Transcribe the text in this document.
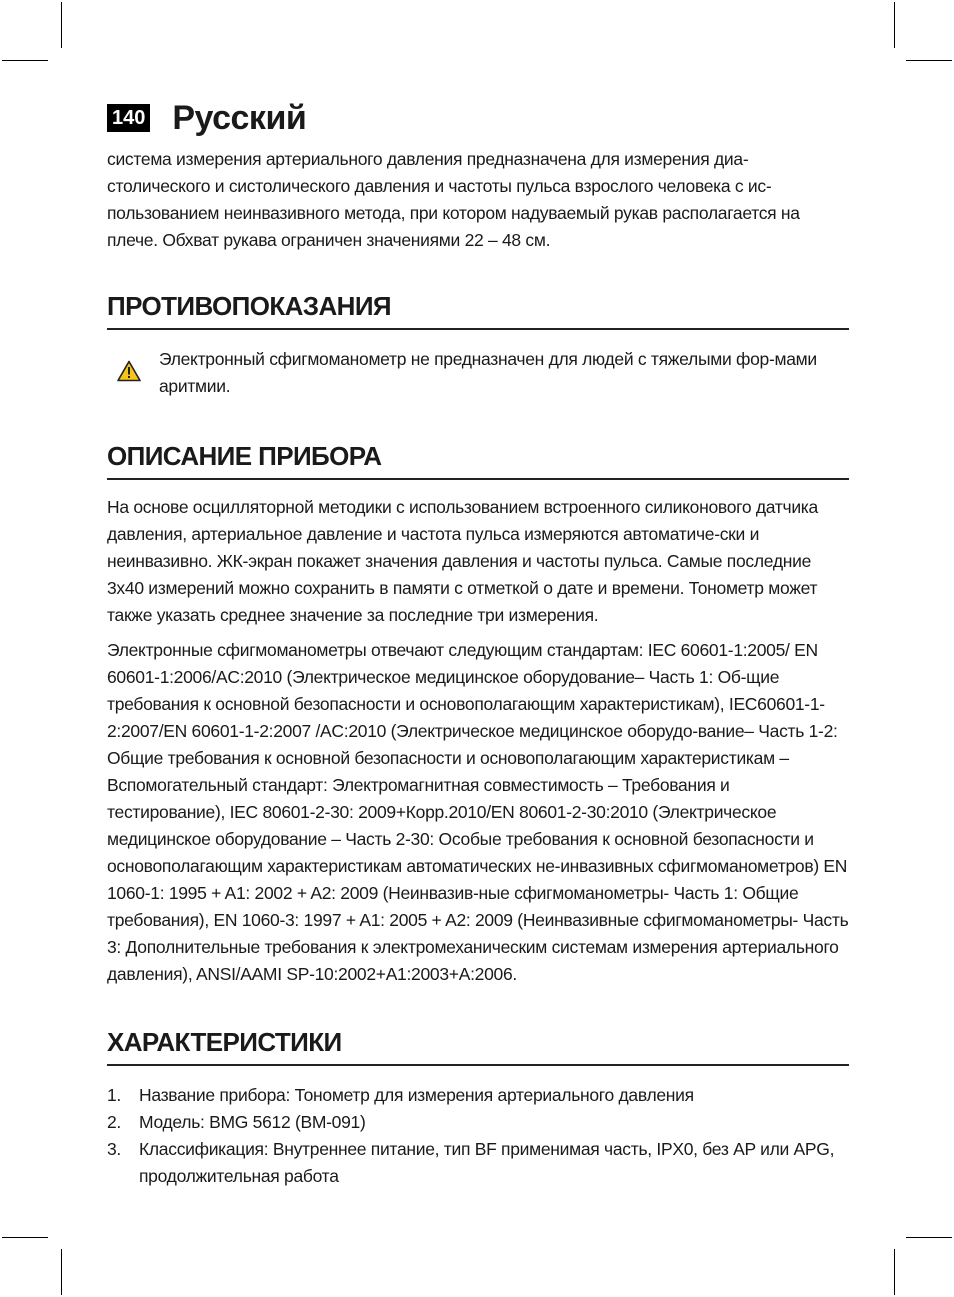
140 Русский

система измерения артериального давления предназначена для измерения диа-столического и систолического давления и частоты пульса взрослого человека с ис-пользованием неинвазивного метода, при котором надуваемый рукав располагается на плече. Обхват рукава ограничен значениями 22 – 48 см.

ПРОТИВОПОКАЗАНИЯ

Электронный сфигмоманометр не предназначен для людей с тяжелыми фор-мами аритмии.

ОПИСАНИЕ ПРИБОРА

На основе осцилляторной методики с использованием встроенного силиконового датчика давления, артериальное давление и частота пульса измеряются автоматиче-ски и неинвазивно. ЖК-экран покажет значения давления и частоты пульса. Самые последние 3x40 измерений можно сохранить в памяти с отметкой о дате и времени. Тонометр может также указать среднее значение за последние три измерения.

Электронные сфигмоманометры отвечают следующим стандартам: IEC 60601-1:2005/ EN 60601-1:2006/AC:2010 (Электрическое медицинское оборудование– Часть 1: Об-щие требования к основной безопасности и основополагающим характеристикам), IEC60601-1-2:2007/EN 60601-1-2:2007 /AC:2010 (Электрическое медицинское оборудо-вание– Часть 1-2: Общие требования к основной безопасности и основополагающим характеристикам – Вспомогательный стандарт: Электромагнитная совместимость – Требования и тестирование), IEC 80601-2-30: 2009+Корр.2010/EN 80601-2-30:2010 (Электрическое медицинское оборудование – Часть 2-30: Особые требования к основной безопасности и основополагающим характеристикам автоматических не-инвазивных сфигмоманометров) EN 1060-1: 1995 + A1: 2002 + A2: 2009 (Неинвазив-ные сфигмоманометры- Часть 1: Общие требования), EN 1060-3: 1997 + A1: 2005 + A2: 2009 (Неинвазивные сфигмоманометры- Часть 3: Дополнительные требования к электромеханическим системам измерения артериального давления), ANSI/AAMI SP-10:2002+A1:2003+A:2006.

ХАРАКТЕРИСТИКИ
1.	Название прибора: Тонометр для измерения артериального давления
2.	Модель: BMG 5612 (BM-091)
3.	Классификация: Внутреннее питание, тип BF применимая часть, IPX0, без AP или APG, продолжительная работа
